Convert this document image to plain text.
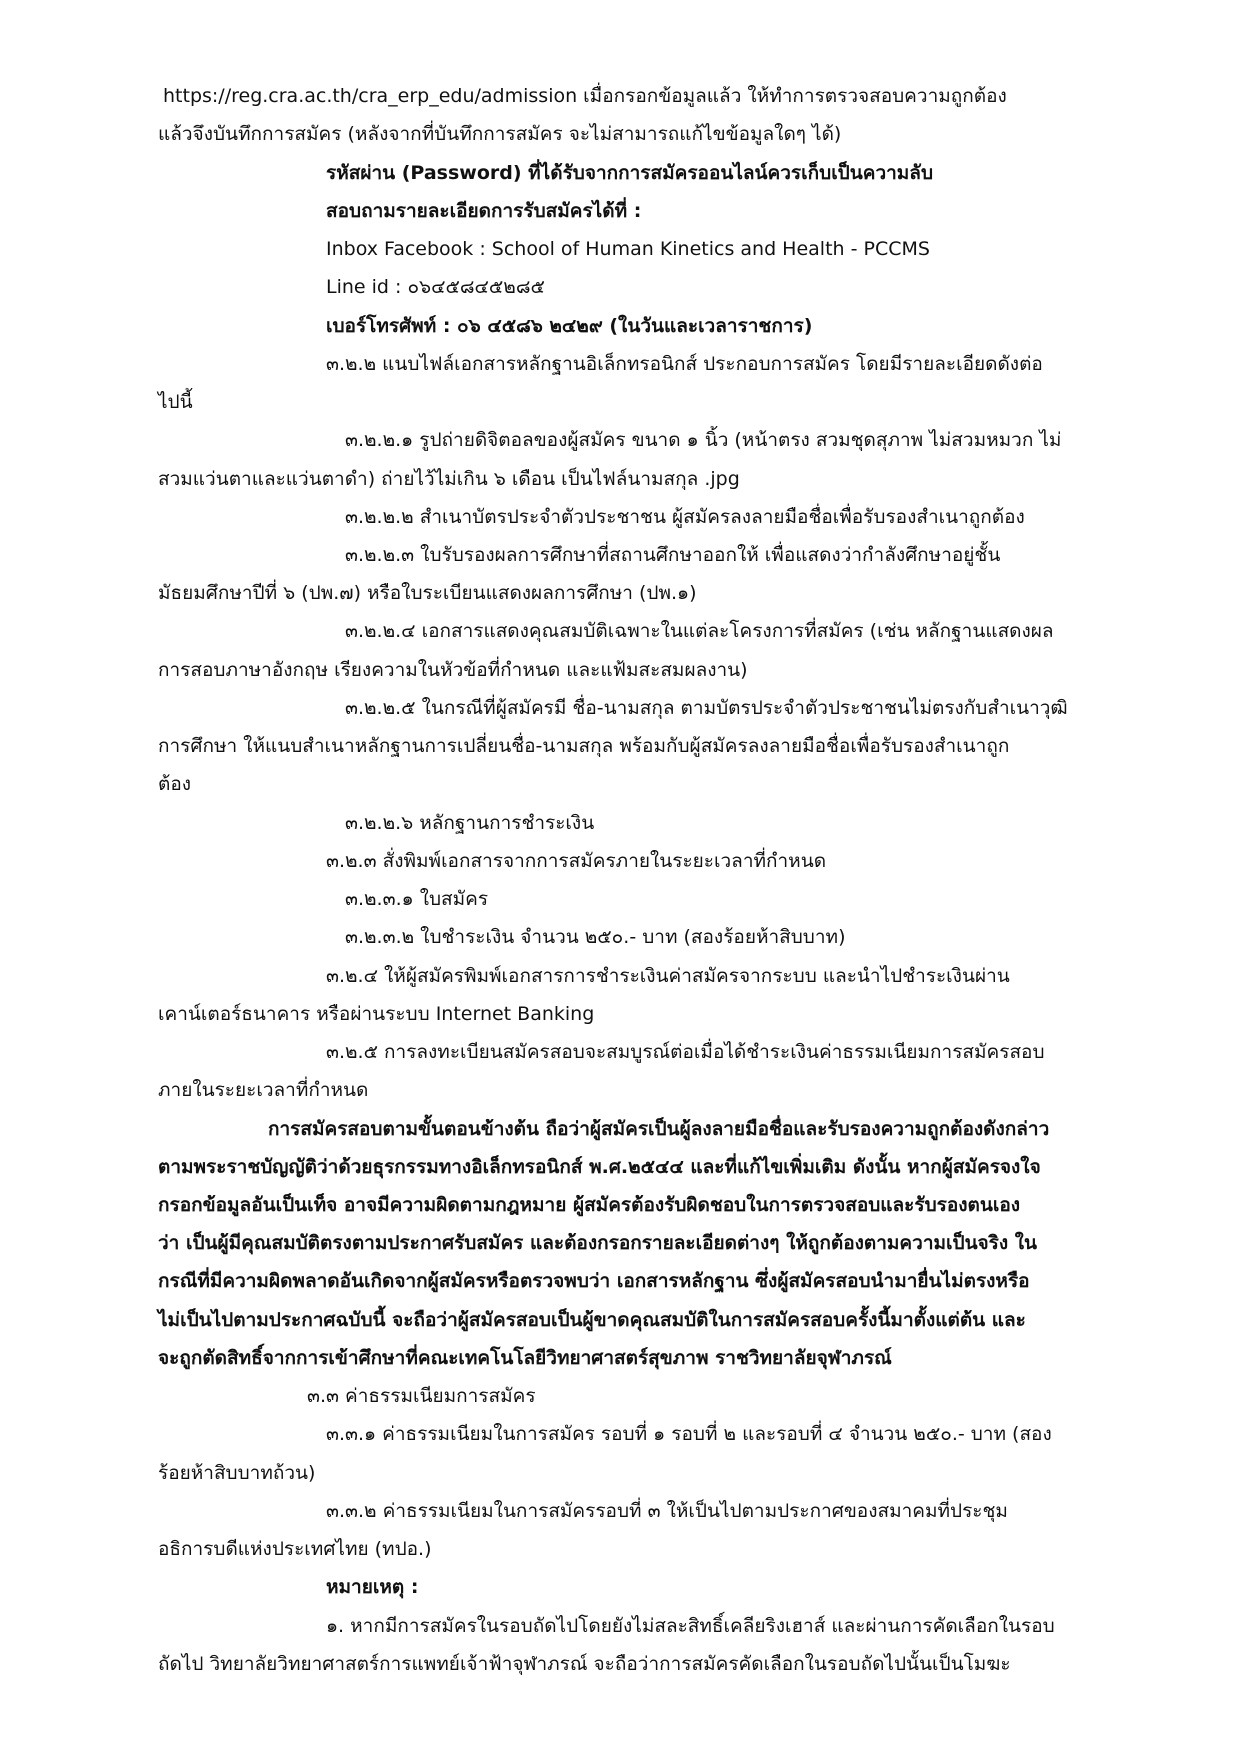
https://reg.cra.ac.th/cra_erp_edu/admission เมื่อกรอกข้อมูลแล้ว ให้ทำการตรวจสอบความถูกต้อง

แล้วจึงบันทึกการสมัคร (หลังจากที่บันทึกการสมัคร จะไม่สามารถแก้ไขข้อมูลใดๆ ได้)

รหัสผ่าน (Password) ที่ได้รับจากการสมัครออนไลน์ควรเก็บเป็นความลับ

สอบถามรายละเอียดการรับสมัครได้ที่ :

Inbox Facebook : School of Human Kinetics and Health - PCCMS

Line id : ๐๖๔๕๘๔๕๒๘๕

เบอร์โทรศัพท์ : ๐๖ ๔๕๘๖ ๒๔๒๙ (ในวันและเวลาราชการ)

๓.๒.๒ แนบไฟล์เอกสารหลักฐานอิเล็กทรอนิกส์ ประกอบการสมัคร โดยมีรายละเอียดดังต่อ

ไปนี้

๓.๒.๒.๑ รูปถ่ายดิจิตอลของผู้สมัคร ขนาด ๑ นิ้ว (หน้าตรง สวมชุดสุภาพ ไม่สวมหมวก ไม่

สวมแว่นตาและแว่นตาดำ) ถ่ายไว้ไม่เกิน ๖ เดือน เป็นไฟล์นามสกุล .jpg

๓.๒.๒.๒ สำเนาบัตรประจำตัวประชาชน ผู้สมัครลงลายมือชื่อเพื่อรับรองสำเนาถูกต้อง

๓.๒.๒.๓ ใบรับรองผลการศึกษาที่สถานศึกษาออกให้ เพื่อแสดงว่ากำลังศึกษาอยู่ชั้น

มัธยมศึกษาปีที่ ๖ (ปพ.๗) หรือใบระเบียนแสดงผลการศึกษา (ปพ.๑)

๓.๒.๒.๔ เอกสารแสดงคุณสมบัติเฉพาะในแต่ละโครงการที่สมัคร (เช่น หลักฐานแสดงผล

การสอบภาษาอังกฤษ เรียงความในหัวข้อที่กำหนด และแฟ้มสะสมผลงาน)

๓.๒.๒.๕ ในกรณีที่ผู้สมัครมี ชื่อ-นามสกุล ตามบัตรประจำตัวประชาชนไม่ตรงกับสำเนาวุฒิ

การศึกษา ให้แนบสำเนาหลักฐานการเปลี่ยนชื่อ-นามสกุล พร้อมกับผู้สมัครลงลายมือชื่อเพื่อรับรองสำเนาถูก

ต้อง

๓.๒.๒.๖ หลักฐานการชำระเงิน

๓.๒.๓ สั่งพิมพ์เอกสารจากการสมัครภายในระยะเวลาที่กำหนด

๓.๒.๓.๑ ใบสมัคร

๓.๒.๓.๒ ใบชำระเงิน จำนวน ๒๕๐.- บาท (สองร้อยห้าสิบบาท)

๓.๒.๔ ให้ผู้สมัครพิมพ์เอกสารการชำระเงินค่าสมัครจากระบบ และนำไปชำระเงินผ่าน

เคาน์เตอร์ธนาคาร หรือผ่านระบบ Internet Banking

๓.๒.๕ การลงทะเบียนสมัครสอบจะสมบูรณ์ต่อเมื่อได้ชำระเงินค่าธรรมเนียมการสมัครสอบ

ภายในระยะเวลาที่กำหนด

การสมัครสอบตามขั้นตอนข้างต้น ถือว่าผู้สมัครเป็นผู้ลงลายมือชื่อและรับรองความถูกต้องดังกล่าว

ตามพระราชบัญญัติว่าด้วยธุรกรรมทางอิเล็กทรอนิกส์ พ.ศ.๒๕๔๔ และที่แก้ไขเพิ่มเติม ดังนั้น หากผู้สมัครจงใจ

กรอกข้อมูลอันเป็นเท็จ อาจมีความผิดตามกฎหมาย ผู้สมัครต้องรับผิดชอบในการตรวจสอบและรับรองตนเอง

ว่า เป็นผู้มีคุณสมบัติตรงตามประกาศรับสมัคร และต้องกรอกรายละเอียดต่างๆ ให้ถูกต้องตามความเป็นจริง ใน

กรณีที่มีความผิดพลาดอันเกิดจากผู้สมัครหรือตรวจพบว่า เอกสารหลักฐาน ซึ่งผู้สมัครสอบนำมายื่นไม่ตรงหรือ

ไม่เป็นไปตามประกาศฉบับนี้ จะถือว่าผู้สมัครสอบเป็นผู้ขาดคุณสมบัติในการสมัครสอบครั้งนี้มาตั้งแต่ต้น และ

จะถูกตัดสิทธิ์จากการเข้าศึกษาที่คณะเทคโนโลยีวิทยาศาสตร์สุขภาพ ราชวิทยาลัยจุฬาภรณ์

๓.๓ ค่าธรรมเนียมการสมัคร

๓.๓.๑ ค่าธรรมเนียมในการสมัคร รอบที่ ๑ รอบที่ ๒ และรอบที่ ๔ จำนวน ๒๕๐.- บาท (สอง

ร้อยห้าสิบบาทถ้วน)

๓.๓.๒ ค่าธรรมเนียมในการสมัครรอบที่ ๓ ให้เป็นไปตามประกาศของสมาคมที่ประชุม

อธิการบดีแห่งประเทศไทย (ทปอ.)

หมายเหตุ :

๑. หากมีการสมัครในรอบถัดไปโดยยังไม่สละสิทธิ์เคลียริงเฮาส์ และผ่านการคัดเลือกในรอบ

ถัดไป วิทยาลัยวิทยาศาสตร์การแพทย์เจ้าฟ้าจุฬาภรณ์ จะถือว่าการสมัครคัดเลือกในรอบถัดไปนั้นเป็นโมฆะ
